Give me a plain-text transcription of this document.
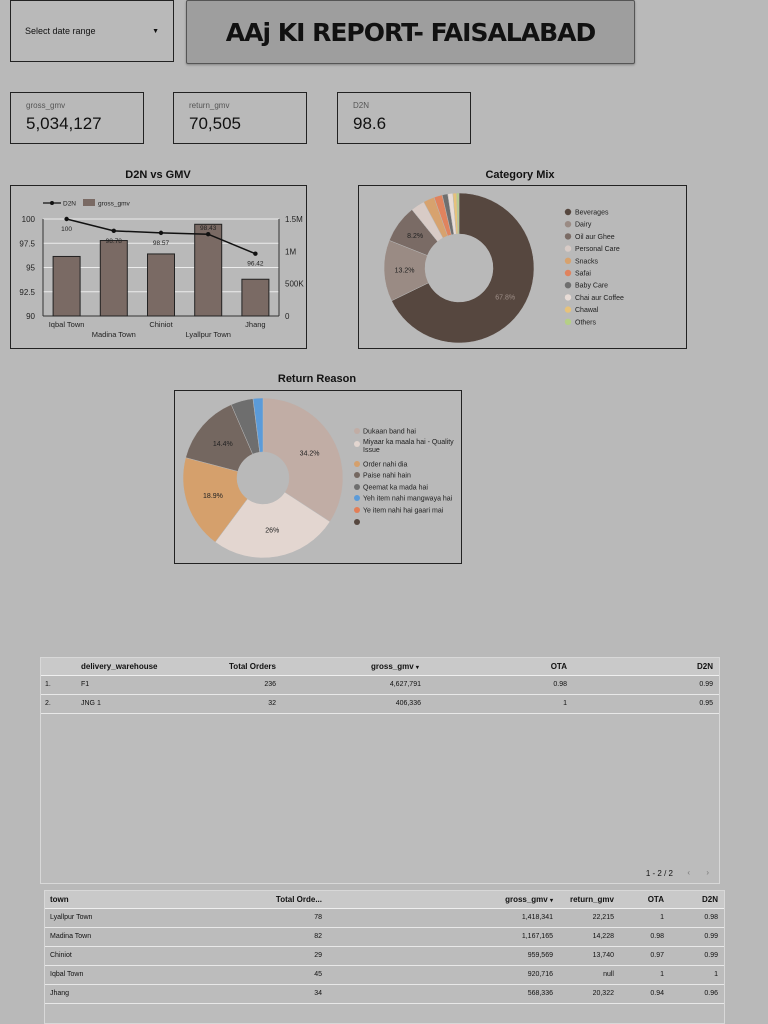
Select date range	▼	AAj KI REPORT- FAISALABAD
gross_gmv
5,034,127
return_gmv
70,505
D2N
98.6
D2N vs GMV
100
97.5
95
92.5
90
1.5M
1M
500K
0
100
98.78	98.57
98.43
96.42
Iqbal Town
Madina Town
Chiniot
Lyallpur Town
Jhang
D2N	gross_gmv
Category Mix
67.8%
13.2%
8.2%
Beverages
Dairy
Oil aur Ghee
Personal Care
Snacks
Safai
Baby Care
Chai aur Coffee
Chawal
Others
Return Reason
34.2%
26%
18.9%
14.4%
Dukaan band hai
Miyaar ka maala hai - Quality Issue
Order nahi dia
Paise nahi hain
Qeemat ka mada hai
Yeh item nahi mangwaya hai
Ye item nahi hai gaari mai
delivery_warehouse	Total Orders	gross_gmv ▾	OTA	D2N
1.	F1	236	4,627,791	0.98	0.99
2.	JNG 1	32	406,336	1	0.95
1 - 2 / 2 ‹ ›
town	Total Orde...	gross_gmv ▾ return_gmv	OTA	D2N
Lyallpur Town	78	1,418,341	22,215	1	0.98
Madina Town	82	1,167,165	14,228	0.98	0.99
Chiniot	29	959,569	13,740	0.97	0.99
Iqbal Town	45	920,716	null	1	1
Jhang	34	568,336	20,322	0.94	0.96
